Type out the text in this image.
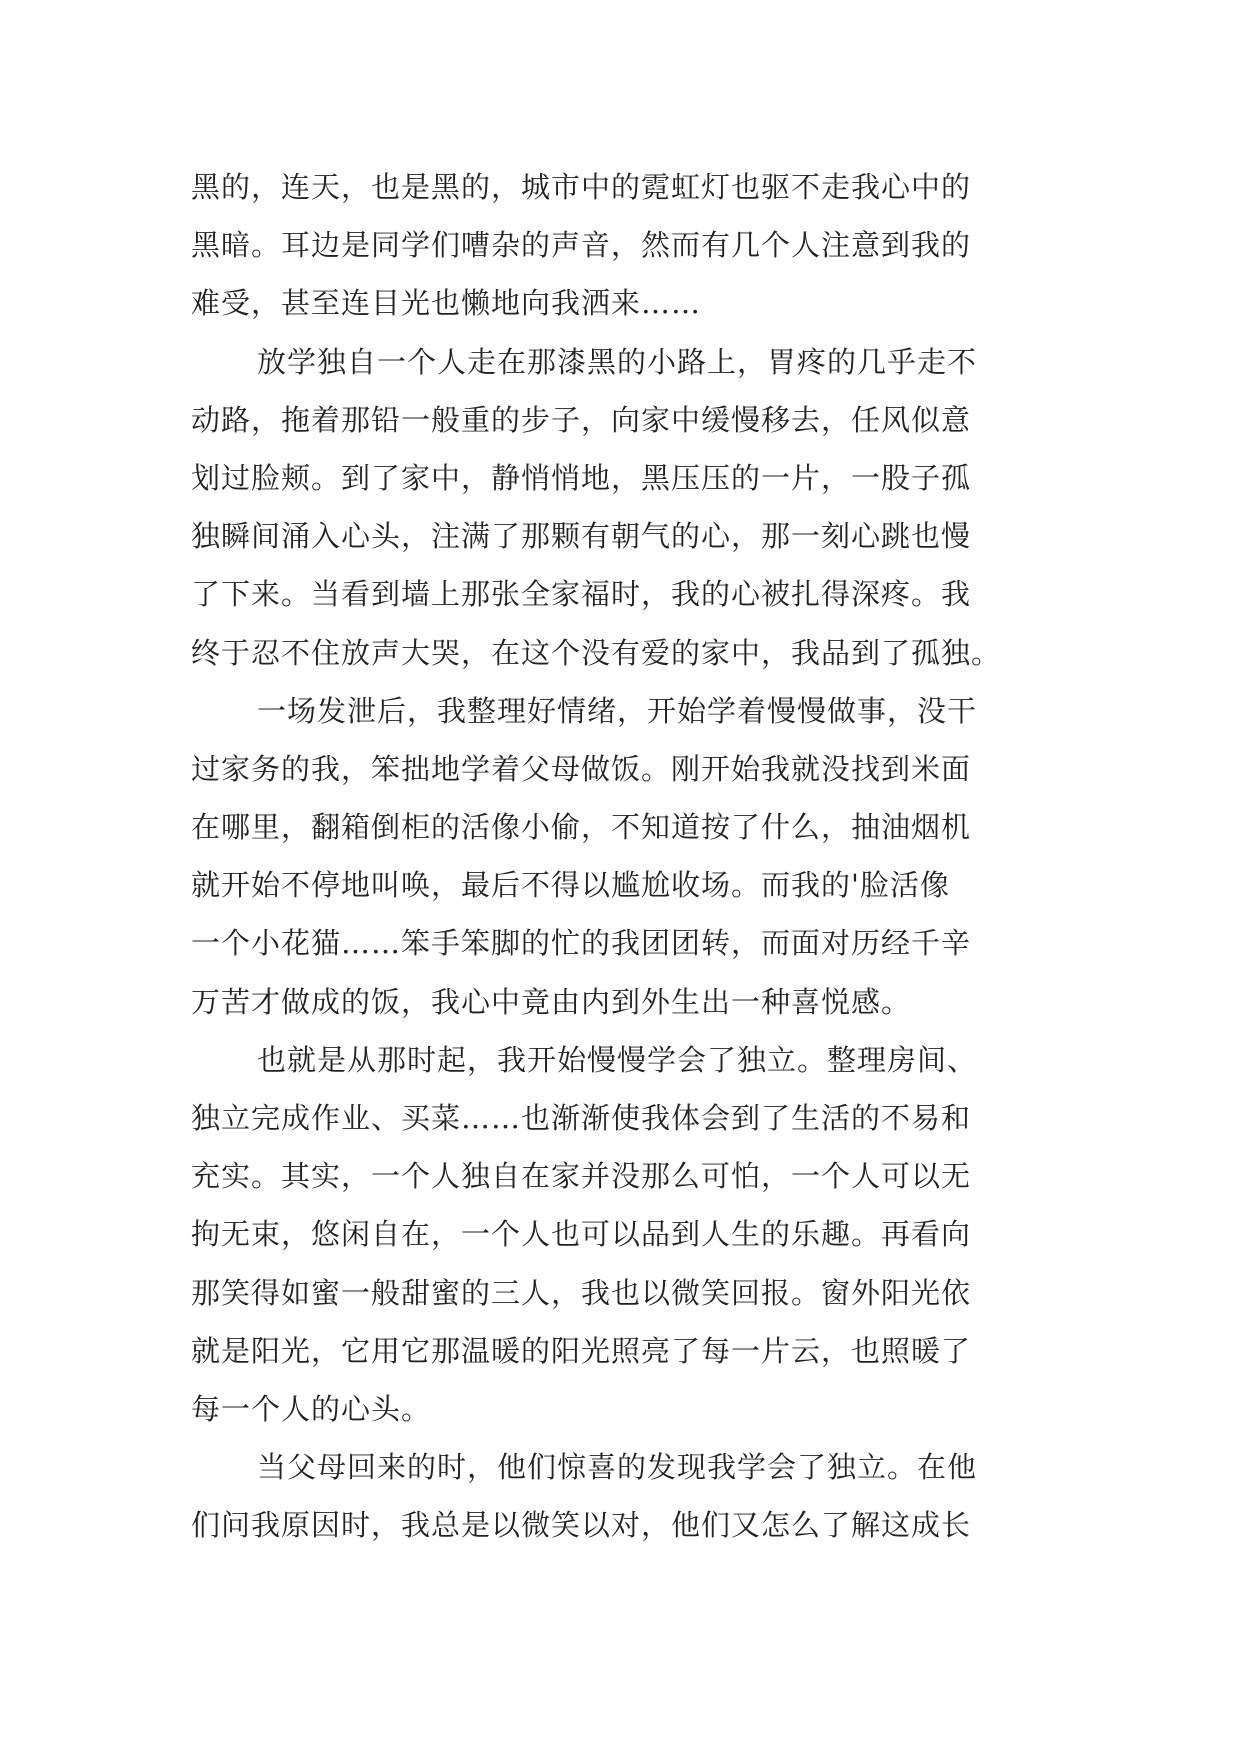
黑的，连天，也是黑的，城市中的霓虹灯也驱不走我心中的
黑暗。耳边是同学们嘈杂的声音，然而有几个人注意到我的
难受，甚至连目光也懒地向我洒来……
放学独自一个人走在那漆黑的小路上，胃疼的几乎走不
动路，拖着那铅一般重的步子，向家中缓慢移去，任风似意
划过脸颊。到了家中，静悄悄地，黑压压的一片，一股子孤
独瞬间涌入心头，注满了那颗有朝气的心，那一刻心跳也慢
了下来。当看到墙上那张全家福时，我的心被扎得深疼。我
终于忍不住放声大哭，在这个没有爱的家中，我品到了孤独。
一场发泄后，我整理好情绪，开始学着慢慢做事，没干
过家务的我，笨拙地学着父母做饭。刚开始我就没找到米面
在哪里，翻箱倒柜的活像小偷，不知道按了什么，抽油烟机
就开始不停地叫唤，最后不得以尴尬收场。而我的'脸活像
一个小花猫……笨手笨脚的忙的我团团转，而面对历经千辛
万苦才做成的饭，我心中竟由内到外生出一种喜悦感。
也就是从那时起，我开始慢慢学会了独立。整理房间、
独立完成作业、买菜……也渐渐使我体会到了生活的不易和
充实。其实，一个人独自在家并没那么可怕，一个人可以无
拘无束，悠闲自在，一个人也可以品到人生的乐趣。再看向
那笑得如蜜一般甜蜜的三人，我也以微笑回报。窗外阳光依
就是阳光，它用它那温暖的阳光照亮了每一片云，也照暖了
每一个人的心头。
当父母回来的时，他们惊喜的发现我学会了独立。在他
们问我原因时，我总是以微笑以对，他们又怎么了解这成长
